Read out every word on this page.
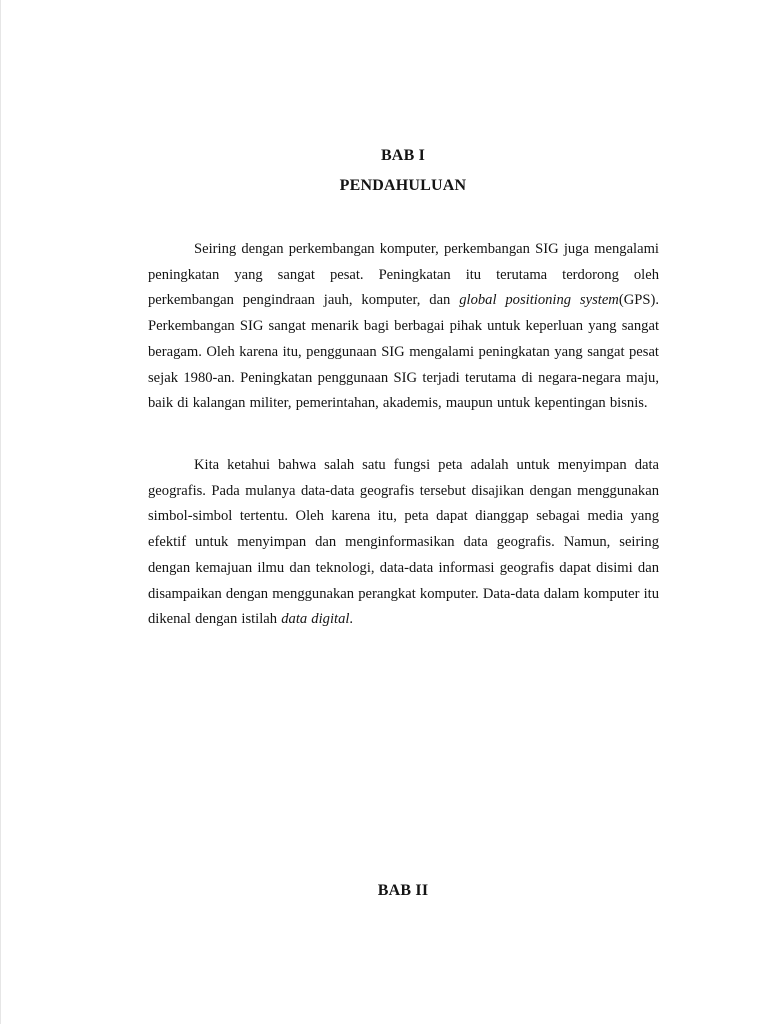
BAB I
PENDAHULUAN

Seiring dengan perkembangan komputer, perkembangan SIG juga mengalami peningkatan yang sangat pesat. Peningkatan itu terutama terdorong oleh perkembangan pengindraan jauh, komputer, dan global positioning system(GPS). Perkembangan SIG sangat menarik bagi berbagai pihak untuk keperluan yang sangat beragam. Oleh karena itu, penggunaan SIG mengalami peningkatan yang sangat pesat sejak 1980-an. Peningkatan penggunaan SIG terjadi terutama di negara-negara maju, baik di kalangan militer, pemerintahan, akademis, maupun untuk kepentingan bisnis.

Kita ketahui bahwa salah satu fungsi peta adalah untuk menyimpan data geografis. Pada mulanya data-data geografis tersebut disajikan dengan menggunakan simbol-simbol tertentu. Oleh karena itu, peta dapat dianggap sebagai media yang efektif untuk menyimpan dan menginformasikan data geografis. Namun, seiring dengan kemajuan ilmu dan teknologi, data-data informasi geografis dapat disimi dan disampaikan dengan menggunakan perangkat komputer. Data-data dalam komputer itu dikenal dengan istilah data digital.

BAB II
